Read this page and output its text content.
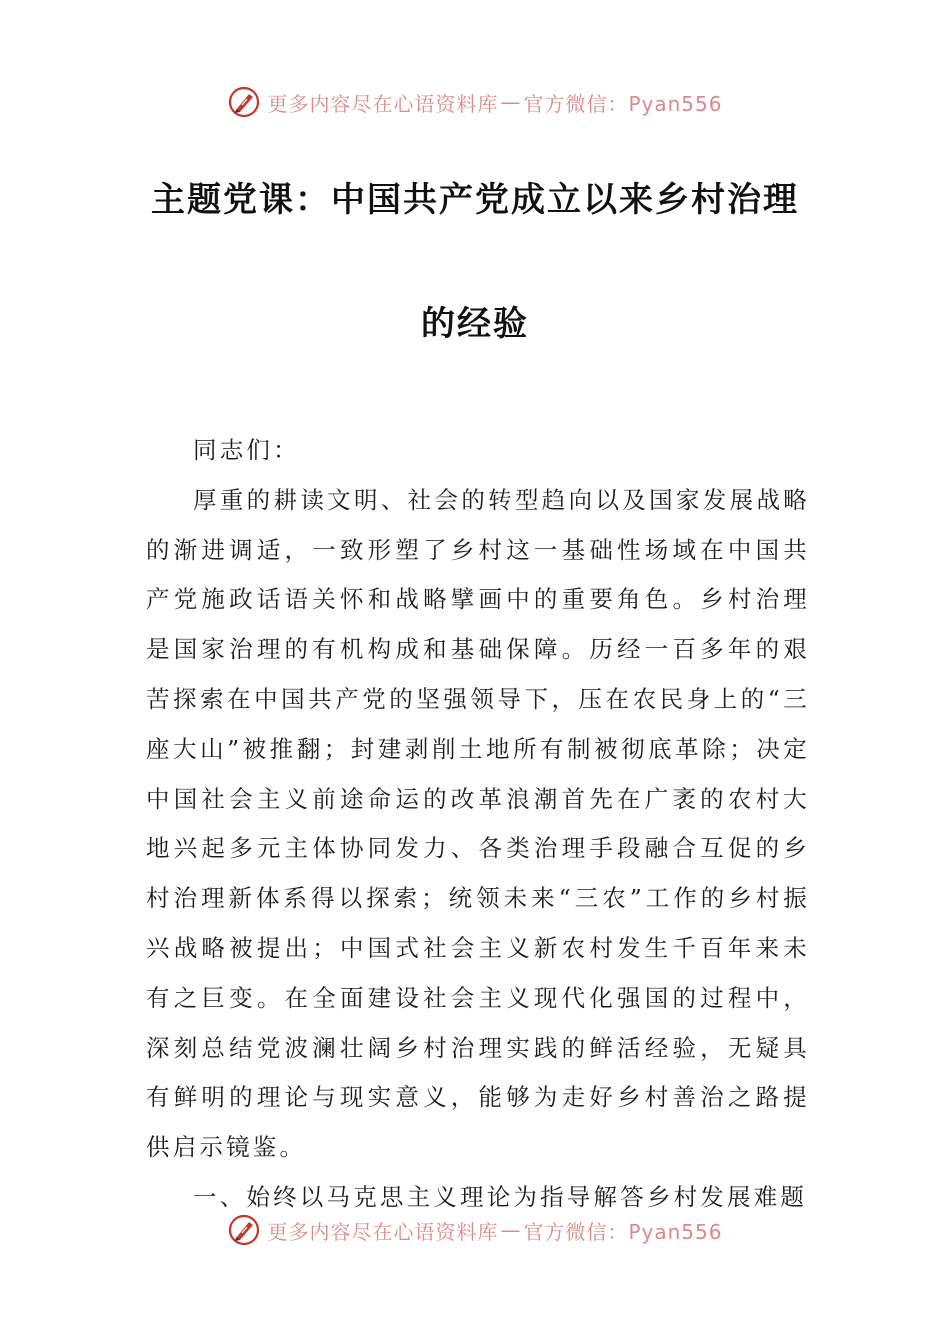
更多内容尽在心语资料库 — 官方微信：Pyan556
主题党课：中国共产党成立以来乡村治理
的经验

同志们：

厚重的耕读文明、社会的转型趋向以及国家发展战略的渐进调适，一致形塑了乡村这一基础性场域在中国共产党施政话语关怀和战略擘画中的重要角色。乡村治理是国家治理的有机构成和基础保障。历经一百多年的艰苦探索在中国共产党的坚强领导下，压在农民身上的“三座大山”被推翻；封建剥削土地所有制被彻底革除；决定中国社会主义前途命运的改革浪潮首先在广袤的农村大地兴起多元主体协同发力、各类治理手段融合互促的乡村治理新体系得以探索；统领未来“三农”工作的乡村振兴战略被提出；中国式社会主义新农村发生千百年来未有之巨变。在全面建设社会主义现代化强国的过程中，深刻总结党波澜壮阔乡村治理实践的鲜活经验，无疑具有鲜明的理论与现实意义，能够为走好乡村善治之路提供启示镜鉴。

一、始终以马克思主义理论为指导解答乡村发展难题

更多内容尽在心语资料库 — 官方微信：Pyan556
